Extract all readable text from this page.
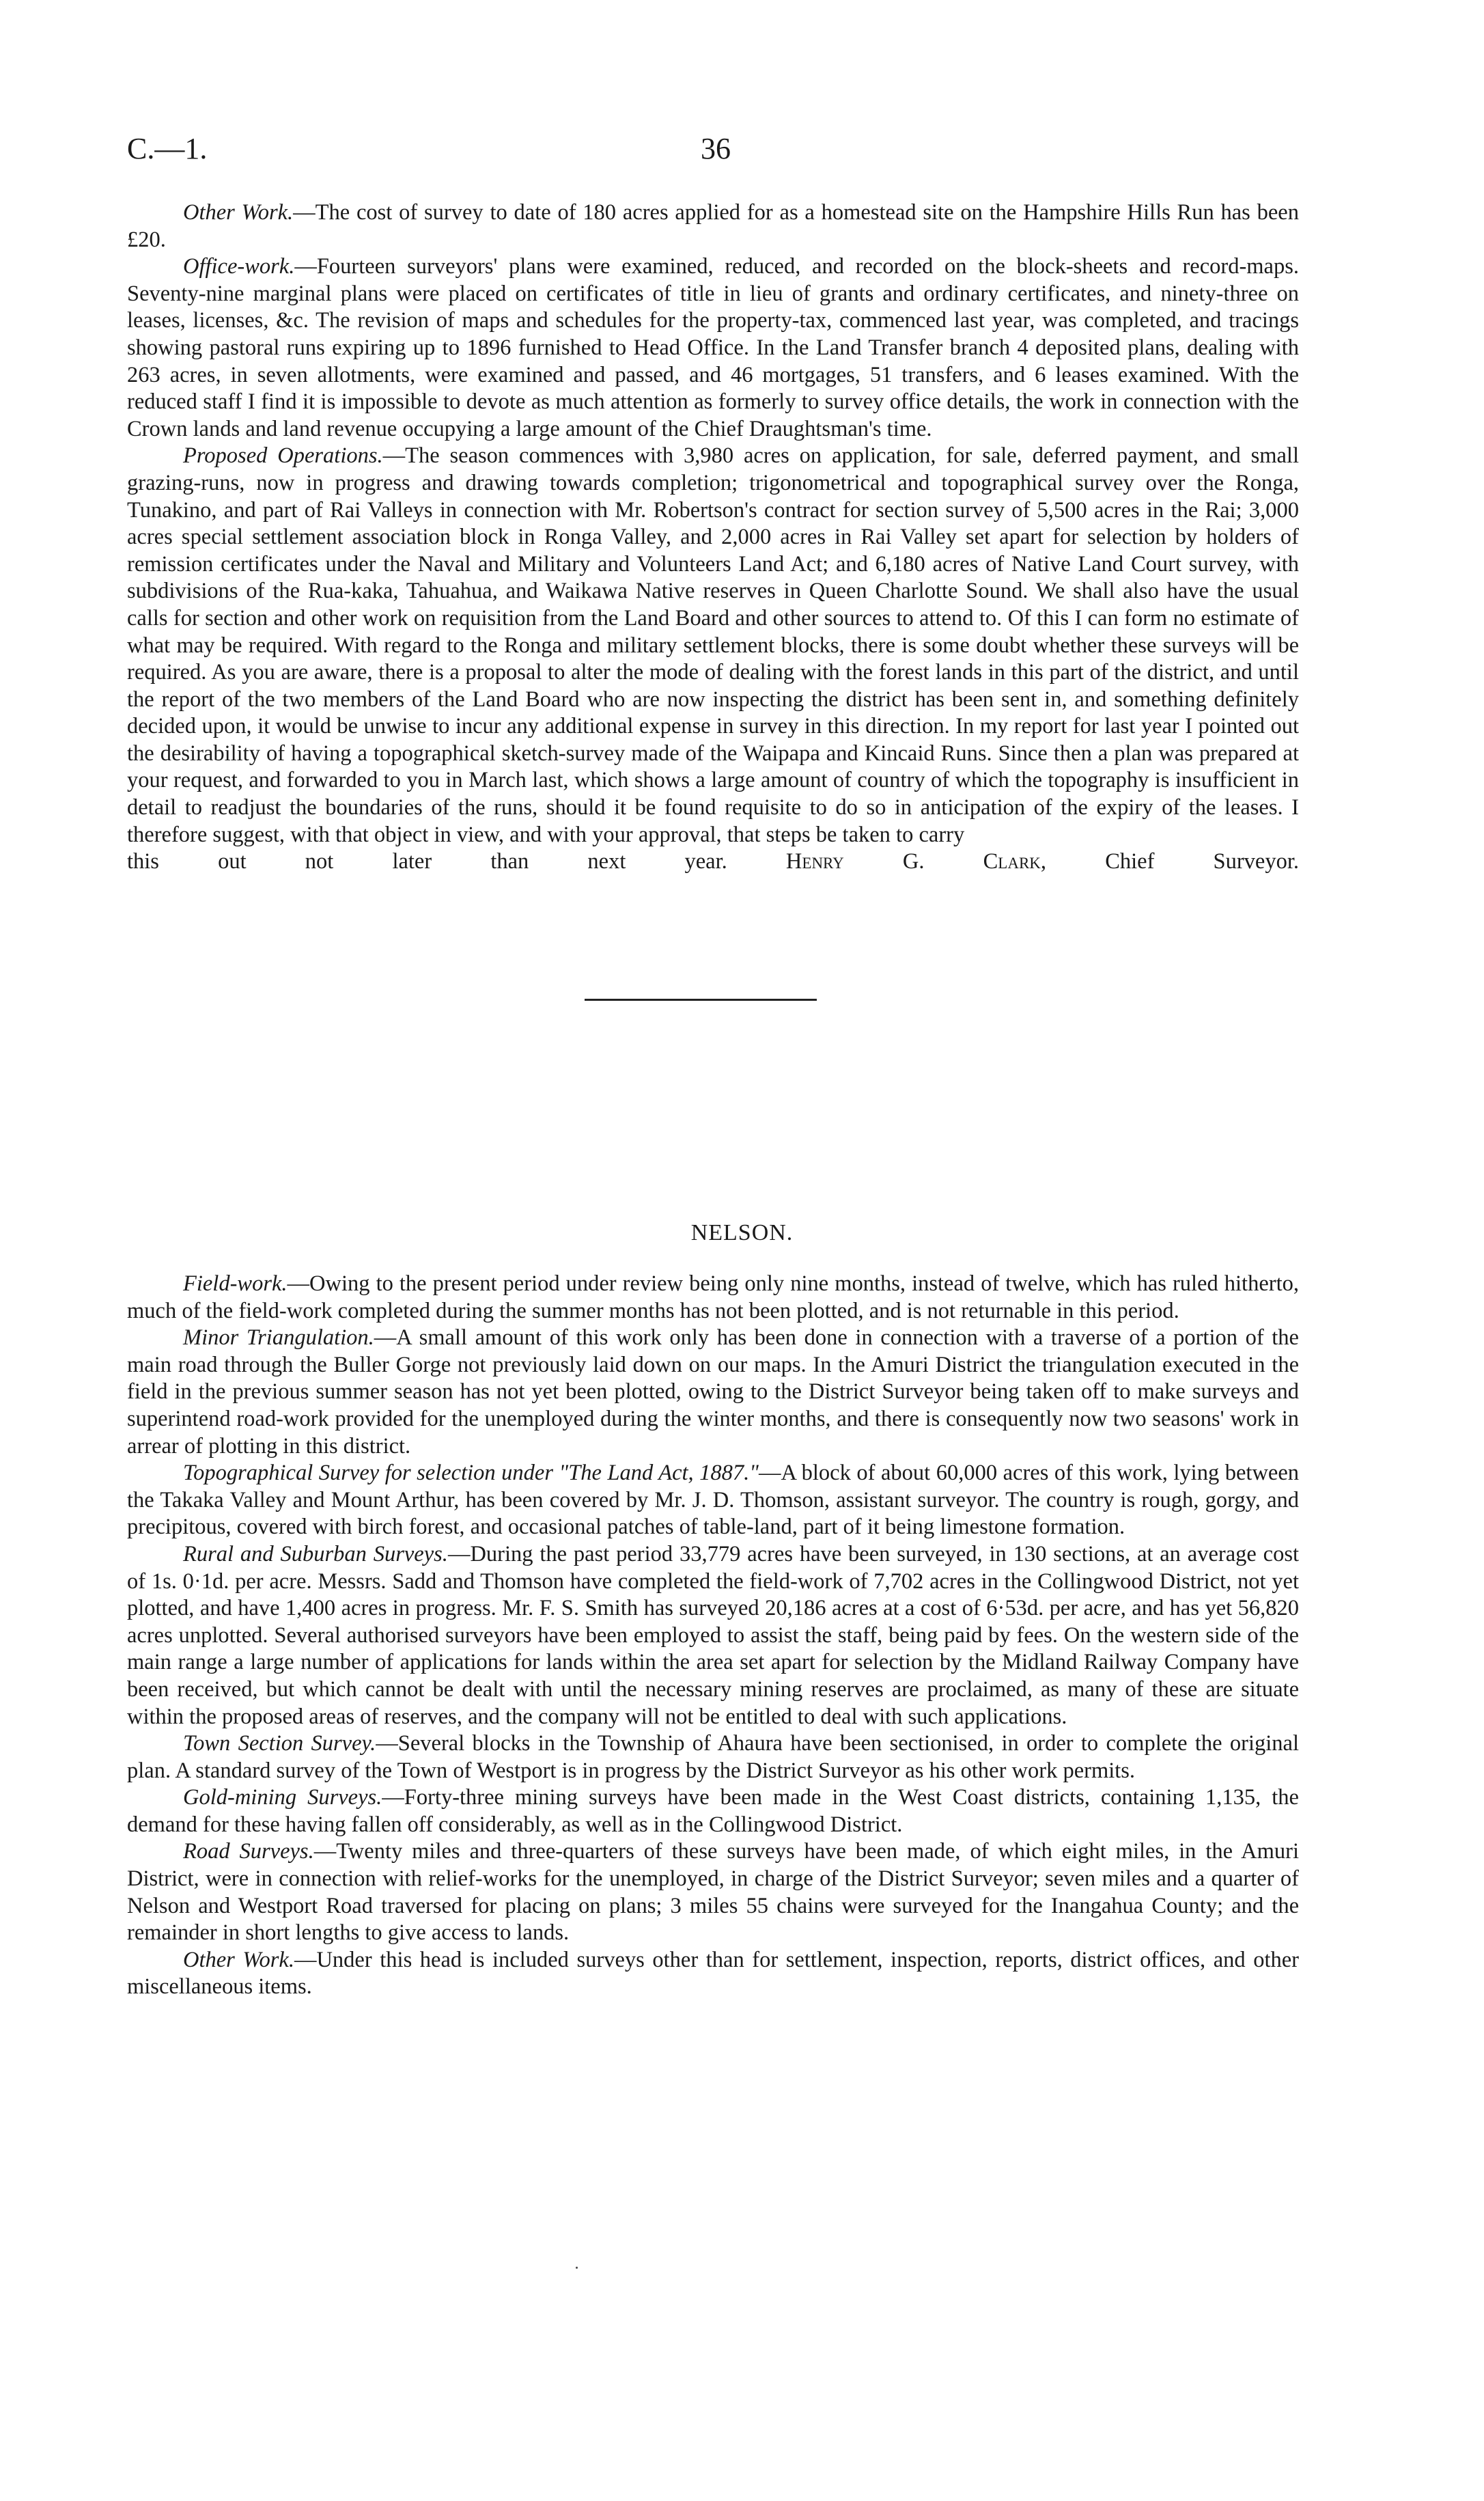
C.—1.	36

Other Work.—The cost of survey to date of 180 acres applied for as a homestead site on the Hampshire Hills Run has been £20.

Office-work.—Fourteen surveyors' plans were examined, reduced, and recorded on the block-sheets and record-maps. Seventy-nine marginal plans were placed on certificates of title in lieu of grants and ordinary certificates, and ninety-three on leases, licenses, &c. The revision of maps and schedules for the property-tax, commenced last year, was completed, and tracings showing pastoral runs expiring up to 1896 furnished to Head Office. In the Land Transfer branch 4 deposited plans, dealing with 263 acres, in seven allotments, were examined and passed, and 46 mortgages, 51 transfers, and 6 leases examined. With the reduced staff I find it is impossible to devote as much attention as formerly to survey office details, the work in connection with the Crown lands and land revenue occupying a large amount of the Chief Draughtsman's time.

Proposed Operations.—The season commences with 3,980 acres on application, for sale, deferred payment, and small grazing-runs, now in progress and drawing towards completion; trigonometrical and topographical survey over the Ronga, Tunakino, and part of Rai Valleys in connection with Mr. Robertson's contract for section survey of 5,500 acres in the Rai; 3,000 acres special settlement association block in Ronga Valley, and 2,000 acres in Rai Valley set apart for selection by holders of remission certificates under the Naval and Military and Volunteers Land Act; and 6,180 acres of Native Land Court survey, with subdivisions of the Rua-kaka, Tahuahua, and Waikawa Native reserves in Queen Charlotte Sound. We shall also have the usual calls for section and other work on requisition from the Land Board and other sources to attend to. Of this I can form no estimate of what may be required. With regard to the Ronga and military settlement blocks, there is some doubt whether these surveys will be required. As you are aware, there is a proposal to alter the mode of dealing with the forest lands in this part of the district, and until the report of the two members of the Land Board who are now inspecting the district has been sent in, and something definitely decided upon, it would be unwise to incur any additional expense in survey in this direction. In my report for last year I pointed out the desirability of having a topographical sketch-survey made of the Waipapa and Kincaid Runs. Since then a plan was prepared at your request, and forwarded to you in March last, which shows a large amount of country of which the topography is insufficient in detail to readjust the boundaries of the runs, should it be found requisite to do so in anticipation of the expiry of the leases. I therefore suggest, with that object in view, and with your approval, that steps be taken to carry

this out not later than next year.	Henry G. Clark,	Chief Surveyor.
NELSON.

Field-work.—Owing to the present period under review being only nine months, instead of twelve, which has ruled hitherto, much of the field-work completed during the summer months has not been plotted, and is not returnable in this period.

Minor Triangulation.—A small amount of this work only has been done in connection with a traverse of a portion of the main road through the Buller Gorge not previously laid down on our maps. In the Amuri District the triangulation executed in the field in the previous summer season has not yet been plotted, owing to the District Surveyor being taken off to make surveys and superintend road-work provided for the unemployed during the winter months, and there is consequently now two seasons' work in arrear of plotting in this district.

Topographical Survey for selection under "The Land Act, 1887."—A block of about 60,000 acres of this work, lying between the Takaka Valley and Mount Arthur, has been covered by Mr. J. D. Thomson, assistant surveyor. The country is rough, gorgy, and precipitous, covered with birch forest, and occasional patches of table-land, part of it being limestone formation.

Rural and Suburban Surveys.—During the past period 33,779 acres have been surveyed, in 130 sections, at an average cost of 1s. 0·1d. per acre. Messrs. Sadd and Thomson have completed the field-work of 7,702 acres in the Collingwood District, not yet plotted, and have 1,400 acres in progress. Mr. F. S. Smith has surveyed 20,186 acres at a cost of 6·53d. per acre, and has yet 56,820 acres unplotted. Several authorised surveyors have been employed to assist the staff, being paid by fees. On the western side of the main range a large number of applications for lands within the area set apart for selection by the Midland Railway Company have been received, but which cannot be dealt with until the necessary mining reserves are proclaimed, as many of these are situate within the proposed areas of reserves, and the company will not be entitled to deal with such applications.

Town Section Survey.—Several blocks in the Township of Ahaura have been sectionised, in order to complete the original plan. A standard survey of the Town of Westport is in progress by the District Surveyor as his other work permits.

Gold-mining Surveys.—Forty-three mining surveys have been made in the West Coast districts, containing 1,135, the demand for these having fallen off considerably, as well as in the Collingwood District.

Road Surveys.—Twenty miles and three-quarters of these surveys have been made, of which eight miles, in the Amuri District, were in connection with relief-works for the unemployed, in charge of the District Surveyor; seven miles and a quarter of Nelson and Westport Road traversed for placing on plans; 3 miles 55 chains were surveyed for the Inangahua County; and the remainder in short lengths to give access to lands.

Other Work.—Under this head is included surveys other than for settlement, inspection, reports, district offices, and other miscellaneous items.
